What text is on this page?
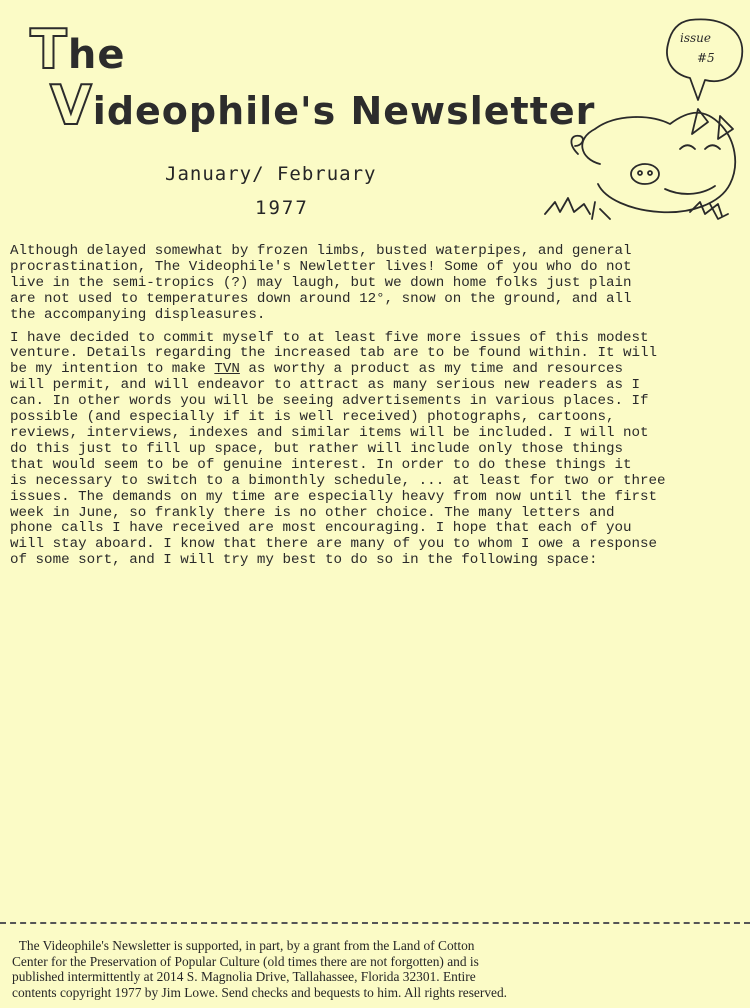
The
Videophile's Newsletter
January/ February
1977
issue
#5

Although delayed somewhat by frozen limbs, busted waterpipes, and general
procrastination, The Videophile's Newletter lives! Some of you who do not
live in the semi-tropics (?) may laugh, but we down home folks just plain
are not used to temperatures down around 12°, snow on the ground, and all
the accompanying displeasures.

I have decided to commit myself to at least five more issues of this modest
venture. Details regarding the increased tab are to be found within. It will
be my intention to make TVN as worthy a product as my time and resources
will permit, and will endeavor to attract as many serious new readers as I
can. In other words you will be seeing advertisements in various places. If
possible (and especially if it is well received) photographs, cartoons,
reviews, interviews, indexes and similar items will be included. I will not
do this just to fill up space, but rather will include only those things
that would seem to be of genuine interest. In order to do these things it
is necessary to switch to a bimonthly schedule, ... at least for two or three
issues. The demands on my time are especially heavy from now until the first
week in June, so frankly there is no other choice. The many letters and
phone calls I have received are most encouraging. I hope that each of you
will stay aboard. I know that there are many of you to whom I owe a response
of some sort, and I will try my best to do so in the following space:

The Videophile's Newsletter is supported, in part, by a grant from the Land of Cotton
Center for the Preservation of Popular Culture (old times there are not forgotten) and is
published intermittently at 2014 S. Magnolia Drive, Tallahassee, Florida 32301. Entire
contents copyright 1977 by Jim Lowe. Send checks and bequests to him. All rights reserved.
